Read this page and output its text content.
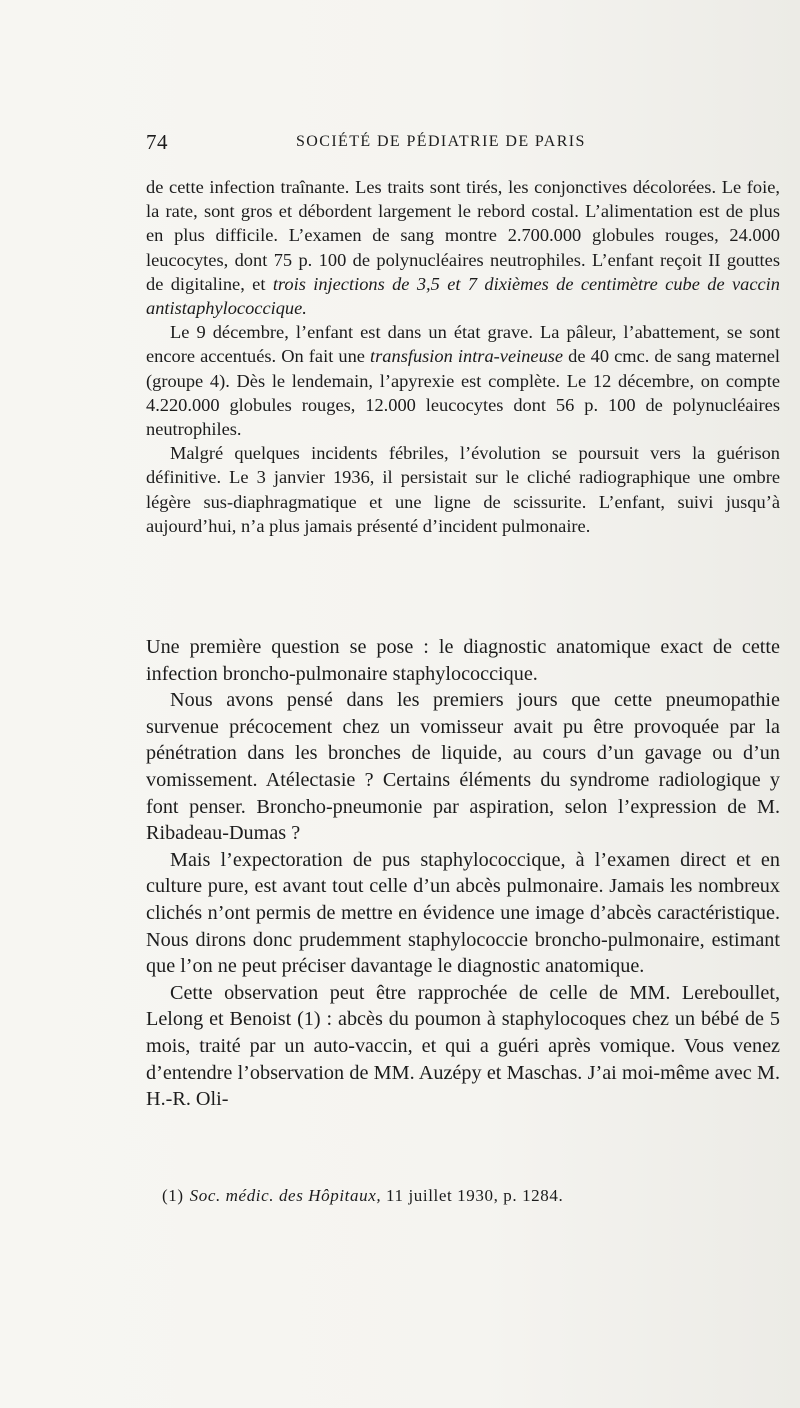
74	SOCIÉTÉ DE PÉDIATRIE DE PARIS

de cette infection traînante. Les traits sont tirés, les conjonctives décolorées. Le foie, la rate, sont gros et débordent largement le rebord costal. L’alimentation est de plus en plus difficile. L’examen de sang montre 2.700.000 globules rouges, 24.000 leucocytes, dont 75 p. 100 de polynucléaires neutrophiles. L’enfant reçoit II gouttes de digitaline, et trois injections de 3,5 et 7 dixièmes de centimètre cube de vaccin antistaphylococcique.

Le 9 décembre, l’enfant est dans un état grave. La pâleur, l’abattement, se sont encore accentués. On fait une transfusion intra-veineuse de 40 cmc. de sang maternel (groupe 4). Dès le lendemain, l’apyrexie est complète. Le 12 décembre, on compte 4.220.000 globules rouges, 12.000 leucocytes dont 56 p. 100 de polynucléaires neutrophiles.

Malgré quelques incidents fébriles, l’évolution se poursuit vers la guérison définitive. Le 3 janvier 1936, il persistait sur le cliché radiographique une ombre légère sus-diaphragmatique et une ligne de scissurite. L’enfant, suivi jusqu’à aujourd’hui, n’a plus jamais présenté d’incident pulmonaire.

Une première question se pose : le diagnostic anatomique exact de cette infection broncho-pulmonaire staphylococcique.

Nous avons pensé dans les premiers jours que cette pneumopathie survenue précocement chez un vomisseur avait pu être provoquée par la pénétration dans les bronches de liquide, au cours d’un gavage ou d’un vomissement. Atélectasie ? Certains éléments du syndrome radiologique y font penser. Broncho-pneumonie par aspiration, selon l’expression de M. Ribadeau-Dumas ?

Mais l’expectoration de pus staphylococcique, à l’examen direct et en culture pure, est avant tout celle d’un abcès pulmonaire. Jamais les nombreux clichés n’ont permis de mettre en évidence une image d’abcès caractéristique. Nous dirons donc prudemment staphylococcie broncho-pulmonaire, estimant que l’on ne peut préciser davantage le diagnostic anatomique.

Cette observation peut être rapprochée de celle de MM. Lereboullet, Lelong et Benoist (1) : abcès du poumon à staphylocoques chez un bébé de 5 mois, traité par un auto-vaccin, et qui a guéri après vomique. Vous venez d’entendre l’observation de MM. Auzépy et Maschas. J’ai moi-même avec M. H.-R. Oli-

(1) Soc. médic. des Hôpitaux, 11 juillet 1930, p. 1284.
